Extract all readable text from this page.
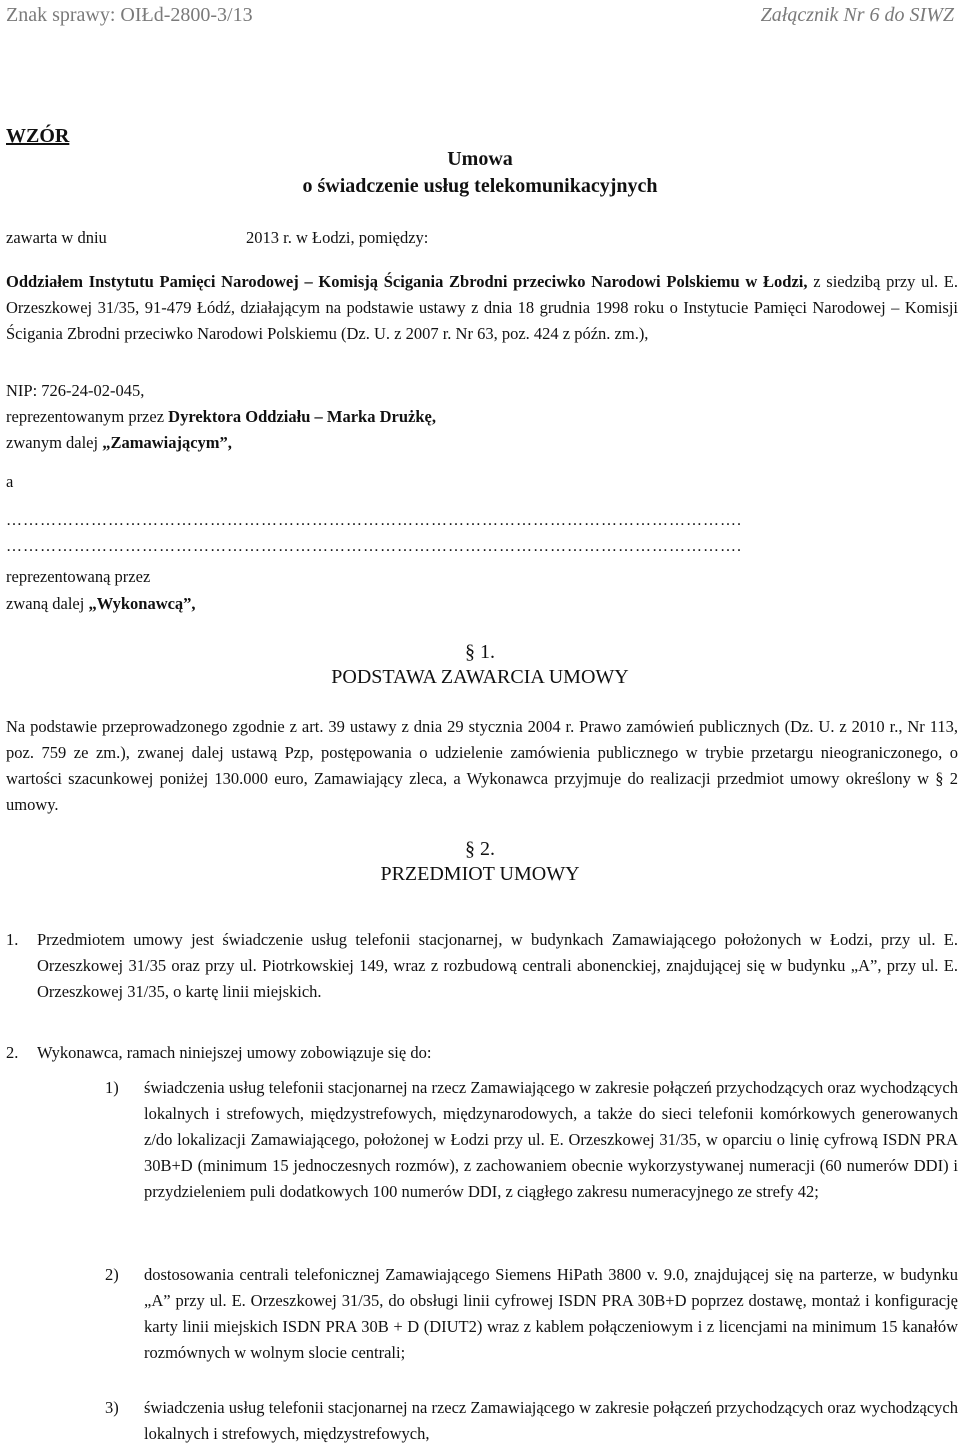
Znak sprawy: OIŁd-2800-3/13	Załącznik Nr 6 do SIWZ
WZÓR
Umowa
o świadczenie usług telekomunikacyjnych
zawarta w dniu	2013 r. w Łodzi, pomiędzy:
Oddziałem Instytutu Pamięci Narodowej – Komisją Ścigania Zbrodni przeciwko Narodowi Polskiemu w Łodzi, z siedzibą przy ul. E. Orzeszkowej 31/35, 91-479 Łódź, działającym na podstawie ustawy z dnia 18 grudnia 1998 roku o Instytucie Pamięci Narodowej – Komisji Ścigania Zbrodni przeciwko Narodowi Polskiemu (Dz. U. z 2007 r. Nr 63, poz. 424 z późn. zm.),
NIP: 726-24-02-045,
reprezentowanym przez Dyrektora Oddziału – Marka Drużkę,
zwanym dalej „Zamawiającym”,
a
………………………………………………………………………………………………………………….
………………………………………………………………………………………………………………….
reprezentowaną przez
zwaną dalej „Wykonawcą”,
§ 1.
PODSTAWA ZAWARCIA UMOWY
Na podstawie przeprowadzonego zgodnie z art. 39 ustawy z dnia 29 stycznia 2004 r. Prawo zamówień publicznych (Dz. U. z 2010 r., Nr 113, poz. 759 ze zm.), zwanej dalej ustawą Pzp, postępowania o udzielenie zamówienia publicznego w trybie przetargu nieograniczonego, o wartości szacunkowej poniżej 130.000 euro, Zamawiający zleca, a Wykonawca przyjmuje do realizacji przedmiot umowy określony w § 2 umowy.
§ 2.
PRZEDMIOT UMOWY
1. Przedmiotem umowy jest świadczenie usług telefonii stacjonarnej, w budynkach Zamawiającego położonych w Łodzi, przy ul. E. Orzeszkowej 31/35 oraz przy ul. Piotrkowskiej 149, wraz z rozbudową centrali abonenckiej, znajdującej się w budynku „A”, przy ul. E. Orzeszkowej 31/35, o kartę linii miejskich.
2. Wykonawca, ramach niniejszej umowy zobowiązuje się do:
1) świadczenia usług telefonii stacjonarnej na rzecz Zamawiającego w zakresie połączeń przychodzących oraz wychodzących lokalnych i strefowych, międzystrefowych, międzynarodowych, a także do sieci telefonii komórkowych generowanych z/do lokalizacji Zamawiającego, położonej w Łodzi przy ul. E. Orzeszkowej 31/35, w oparciu o linię cyfrową ISDN PRA 30B+D (minimum 15 jednoczesnych rozmów), z zachowaniem obecnie wykorzystywanej numeracji (60 numerów DDI) i przydzieleniem puli dodatkowych 100 numerów DDI, z ciągłego zakresu numeracyjnego ze strefy 42;
2) dostosowania centrali telefonicznej Zamawiającego Siemens HiPath 3800 v. 9.0, znajdującej się na parterze, w budynku „A” przy ul. E. Orzeszkowej 31/35, do obsługi linii cyfrowej ISDN PRA 30B+D poprzez dostawę, montaż i konfigurację karty linii miejskich ISDN PRA 30B + D (DIUT2) wraz z kablem połączeniowym i z licencjami na minimum 15 kanałów rozmównych w wolnym slocie centrali;
3) świadczenia usług telefonii stacjonarnej na rzecz Zamawiającego w zakresie połączeń przychodzących oraz wychodzących lokalnych i strefowych, międzystrefowych,
